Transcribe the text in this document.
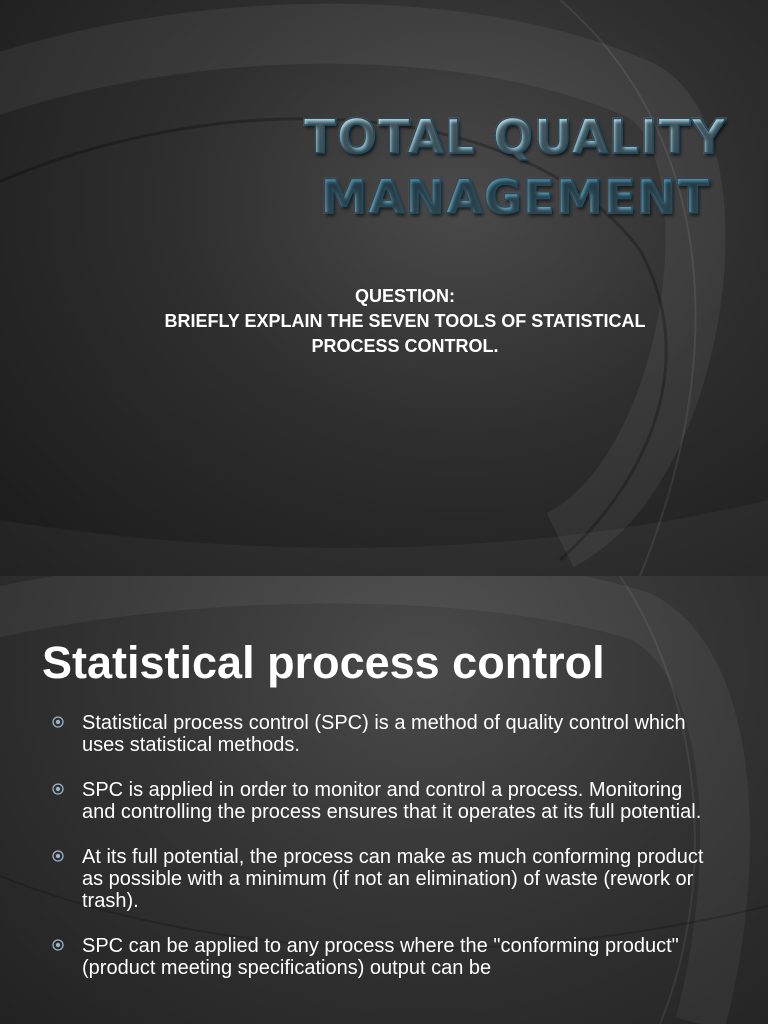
TOTAL QUALITY
MANAGEMENT
QUESTION:
BRIEFLY EXPLAIN THE SEVEN TOOLS OF STATISTICAL
PROCESS CONTROL.
Statistical process control
Statistical process control (SPC) is a method of quality control which uses statistical methods.
SPC is applied in order to monitor and control a process. Monitoring and controlling the process ensures that it operates at its full potential.
At its full potential, the process can make as much conforming product as possible with a minimum (if not an elimination) of waste (rework or trash).
SPC can be applied to any process where the "conforming product" (product meeting specifications) output can be
